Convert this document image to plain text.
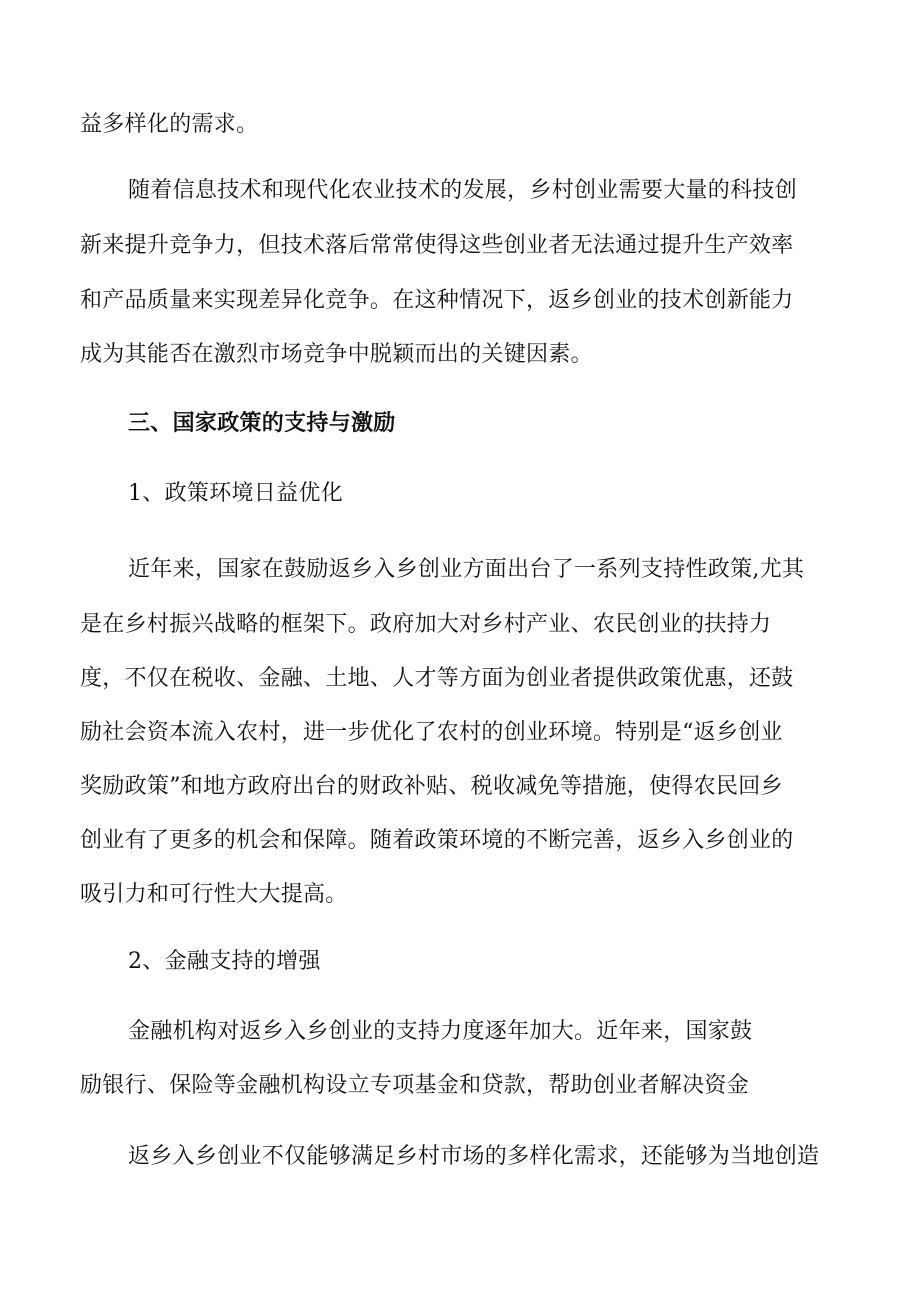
益多样化的需求。
随着信息技术和现代化农业技术的发展，乡村创业需要大量的科技创
新来提升竞争力，但技术落后常常使得这些创业者无法通过提升生产效率
和产品质量来实现差异化竞争。在这种情况下，返乡创业的技术创新能力
成为其能否在激烈市场竞争中脱颖而出的关键因素。
三、国家政策的支持与激励
1、政策环境日益优化
近年来，国家在鼓励返乡入乡创业方面出台了一系列支持性政策,尤其
是在乡村振兴战略的框架下。政府加大对乡村产业、农民创业的扶持力
度，不仅在税收、金融、土地、人才等方面为创业者提供政策优惠，还鼓
励社会资本流入农村，进一步优化了农村的创业环境。特别是“返乡创业
奖励政策”和地方政府出台的财政补贴、税收减免等措施，使得农民回乡
创业有了更多的机会和保障。随着政策环境的不断完善，返乡入乡创业的
吸引力和可行性大大提高。
2、金融支持的增强
金融机构对返乡入乡创业的支持力度逐年加大。近年来，国家鼓
励银行、保险等金融机构设立专项基金和贷款，帮助创业者解决资金
返乡入乡创业不仅能够满足乡村市场的多样化需求，还能够为当地创造
